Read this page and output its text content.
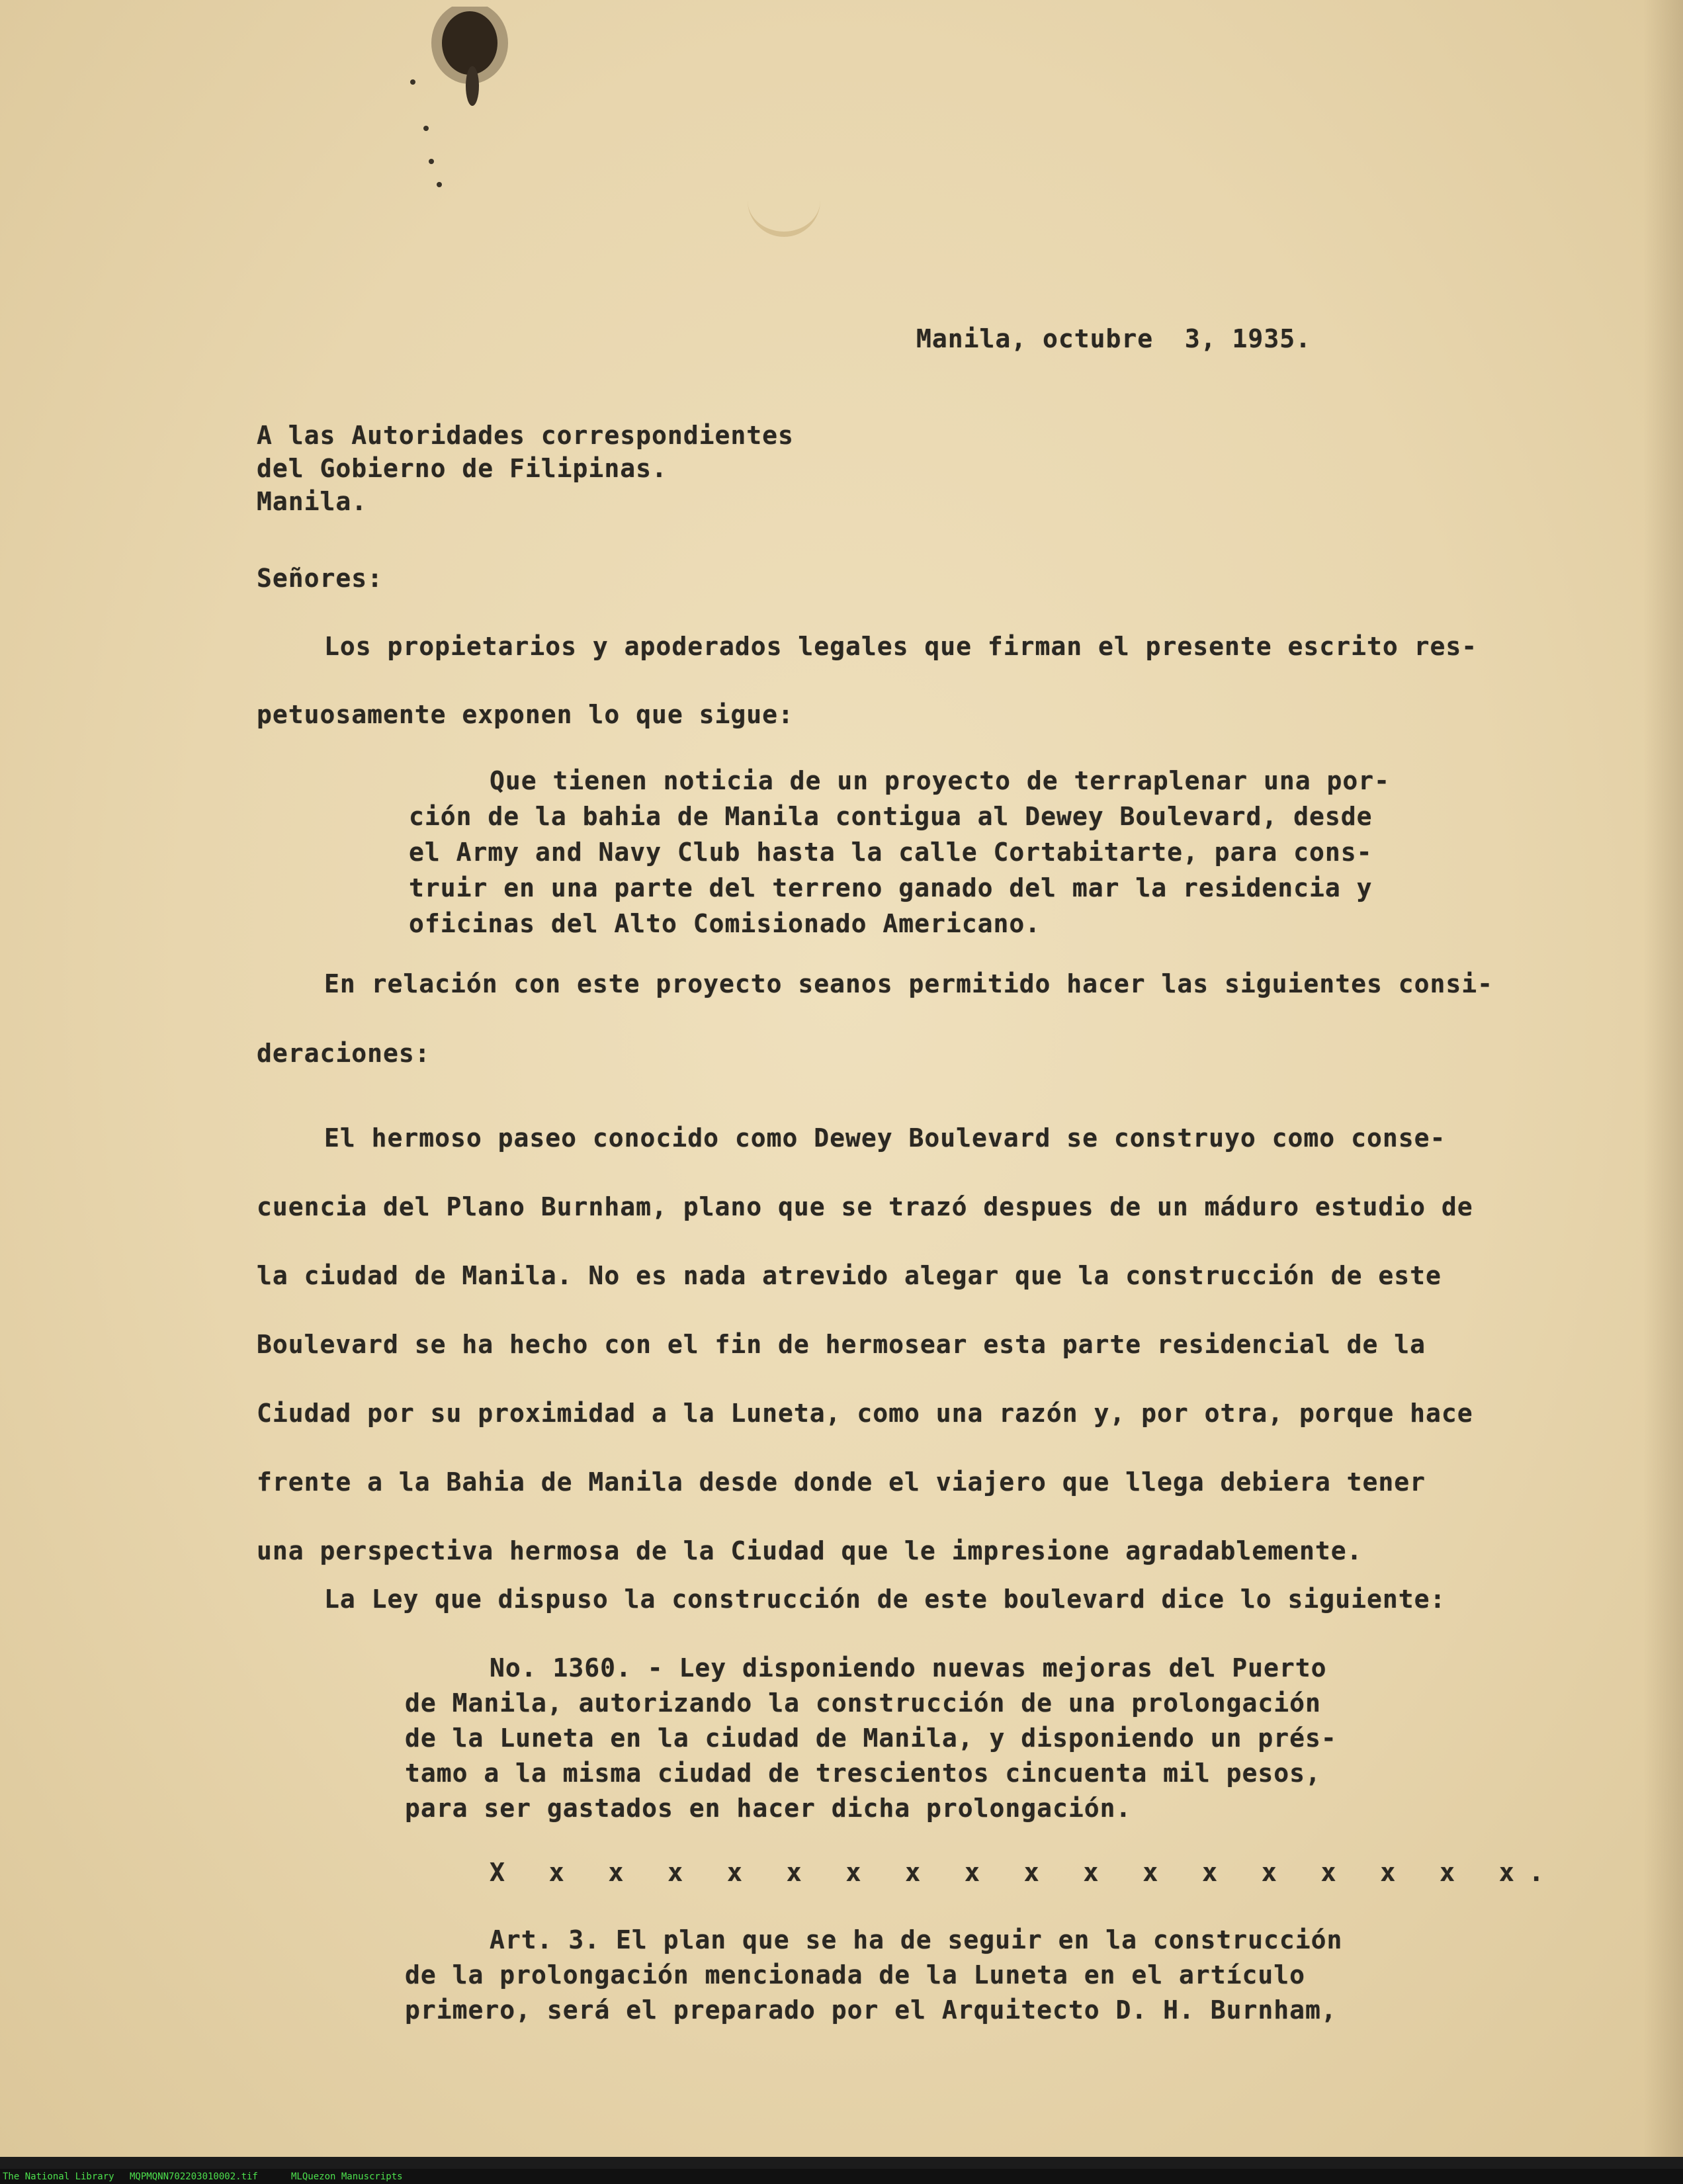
Manila, octubre  3, 1935.
A las Autoridades correspondientes
del Gobierno de Filipinas.
Manila.
Señores:
Los propietarios y apoderados legales que firman el presente escrito res-
petuosamente exponen lo que sigue:
Que tienen noticia de un proyecto de terraplenar una por-
ción de la bahia de Manila contigua al Dewey Boulevard, desde
el Army and Navy Club hasta la calle Cortabitarte, para cons-
truir en una parte del terreno ganado del mar la residencia y
oficinas del Alto Comisionado Americano.
En relación con este proyecto seanos permitido hacer las siguientes consi-
deraciones:
El hermoso paseo conocido como Dewey Boulevard se construyo como conse-
cuencia del Plano Burnham, plano que se trazó despues de un máduro estudio de
la ciudad de Manila. No es nada atrevido alegar que la construcción de este
Boulevard se ha hecho con el fin de hermosear esta parte residencial de la
Ciudad por su proximidad a la Luneta, como una razón y, por otra, porque hace
frente a la Bahia de Manila desde donde el viajero que llega debiera tener
una perspectiva hermosa de la Ciudad que le impresione agradablemente.
La Ley que dispuso la construcción de este boulevard dice lo siguiente:
No. 1360. - Ley disponiendo nuevas mejoras del Puerto
de Manila, autorizando la construcción de una prolongación
de la Luneta en la ciudad de Manila, y disponiendo un prés-
tamo a la misma ciudad de trescientos cincuenta mil pesos,
para ser gastados en hacer dicha prolongación.
X x x x x x x x x x x x x x x x x x.
Art. 3. El plan que se ha de seguir en la construcción
de la prolongación mencionada de la Luneta en el artículo
primero, será el preparado por el Arquitecto D. H. Burnham,
The National Library MQPMQNN702203010002.tif	MLQuezon Manuscripts
